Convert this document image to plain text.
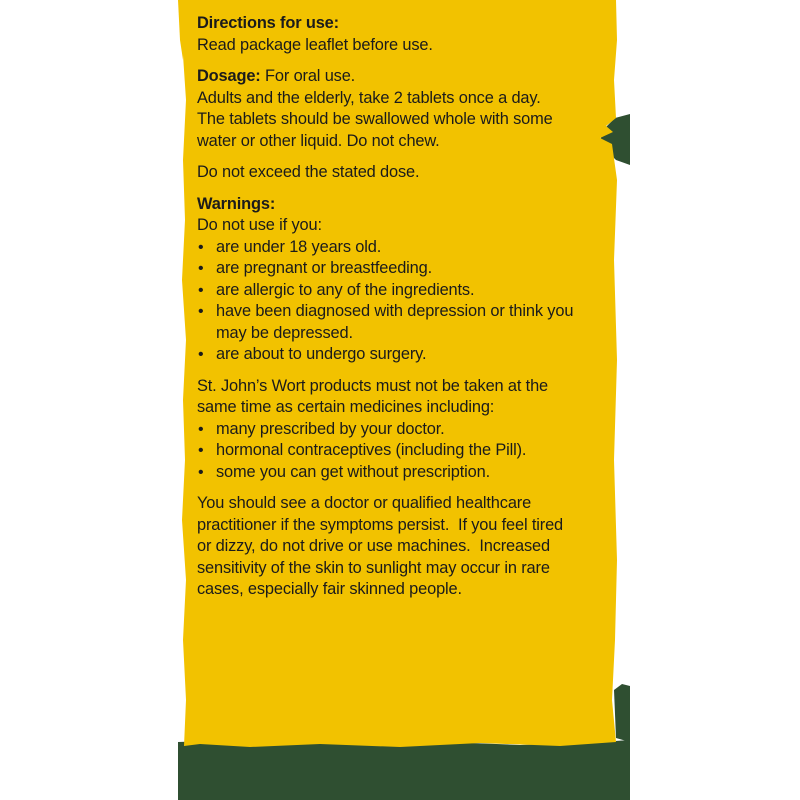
Directions for use:

Read package leaflet before use.

Dosage: For oral use.

Adults and the elderly, take 2 tablets once a day.

The tablets should be swallowed whole with some

water or other liquid. Do not chew.

Do not exceed the stated dose.

Warnings:

Do not use if you:

• are under 18 years old.
• are pregnant or breastfeeding.
• are allergic to any of the ingredients.
• have been diagnosed with depression or think you
may be depressed.
• are about to undergo surgery.

St. John’s Wort products must not be taken at the

same time as certain medicines including:

• many prescribed by your doctor.
• hormonal contraceptives (including the Pill).
• some you can get without prescription.

You should see a doctor or qualified healthcare

practitioner if the symptoms persist.  If you feel tired

or dizzy, do not drive or use machines.  Increased

sensitivity of the skin to sunlight may occur in rare

cases, especially fair skinned people.
